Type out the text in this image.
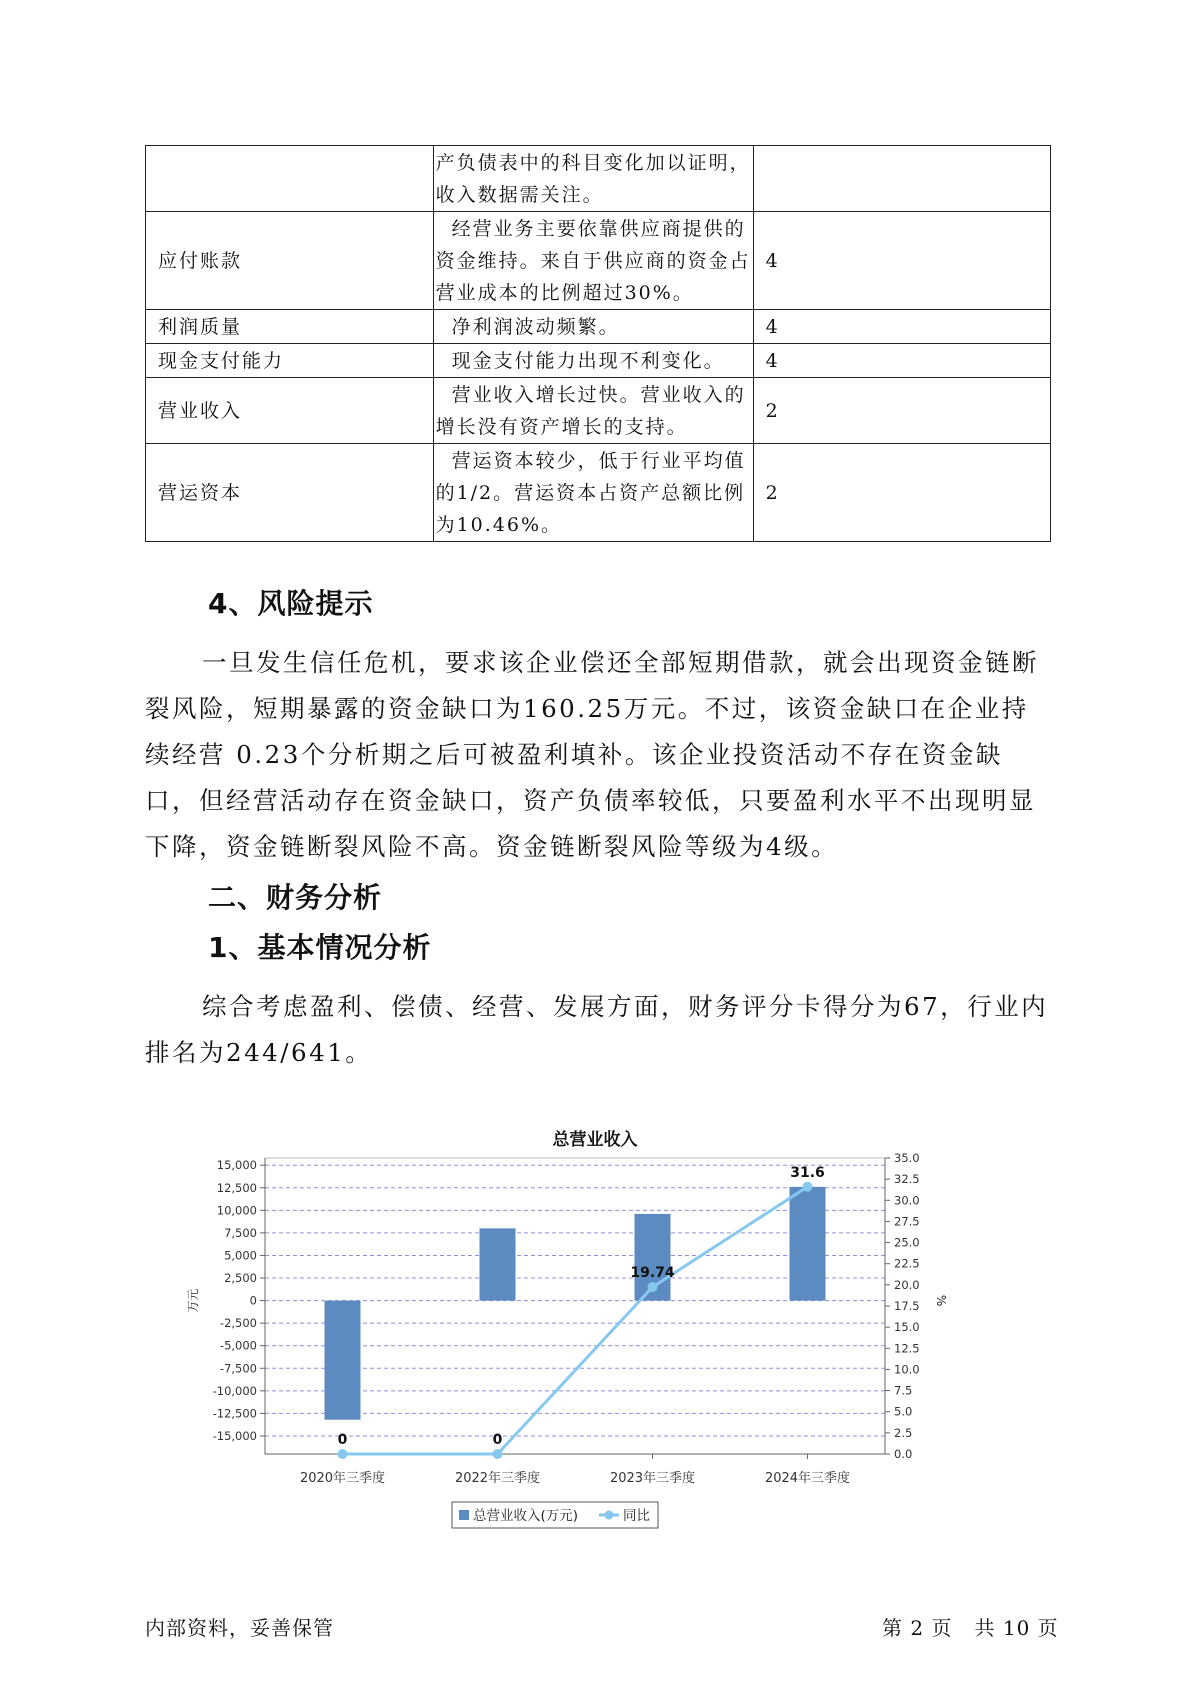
	产负债表中的科目变化加以证明，
收入数据需关注。	

应付账款	经营业务主要依靠供应商提供的
资金维持。来自于供应商的资金占
营业成本的比例超过30%。	4
利润质量	净利润波动频繁。	4
现金支付能力	现金支付能力出现不利变化。	4
营业收入	营业收入增长过快。营业收入的
增长没有资产增长的支持。	2
营运资本	营运资本较少，低于行业平均值
的1/2。营运资本占资产总额比例
为10.46%。	2
4、风险提示

一旦发生信任危机，要求该企业偿还全部短期借款，就会出现资金链断裂风险，短期暴露的资金缺口为160.25万元。不过，该资金缺口在企业持续经营 0.23个分析期之后可被盈利填补。该企业投资活动不存在资金缺口，但经营活动存在资金缺口，资产负债率较低，只要盈利水平不出现明显下降，资金链断裂风险不高。资金链断裂风险等级为4级。

二、财务分析
1、基本情况分析

综合考虑盈利、偿债、经营、发展方面，财务评分卡得分为67，行业内排名为244/641。

总营业收入
15,000
12,500
10,000
7,500
5,000
2,500
0
-2,500
-5,000
-7,500
-10,000
-12,500
-15,000
35.0
32.5
30.0
27.5
25.0
22.5
20.0
17.5
15.0
12.5
10.0
7.5
5.0
2.5
0.0
万元	%
2020年三季度	2022年三季度	2023年三季度	2024年三季度
0	0
19.74
31.6
总营业收入(万元)	同比
内部资料，妥善保管	第 2 页   共 10 页
